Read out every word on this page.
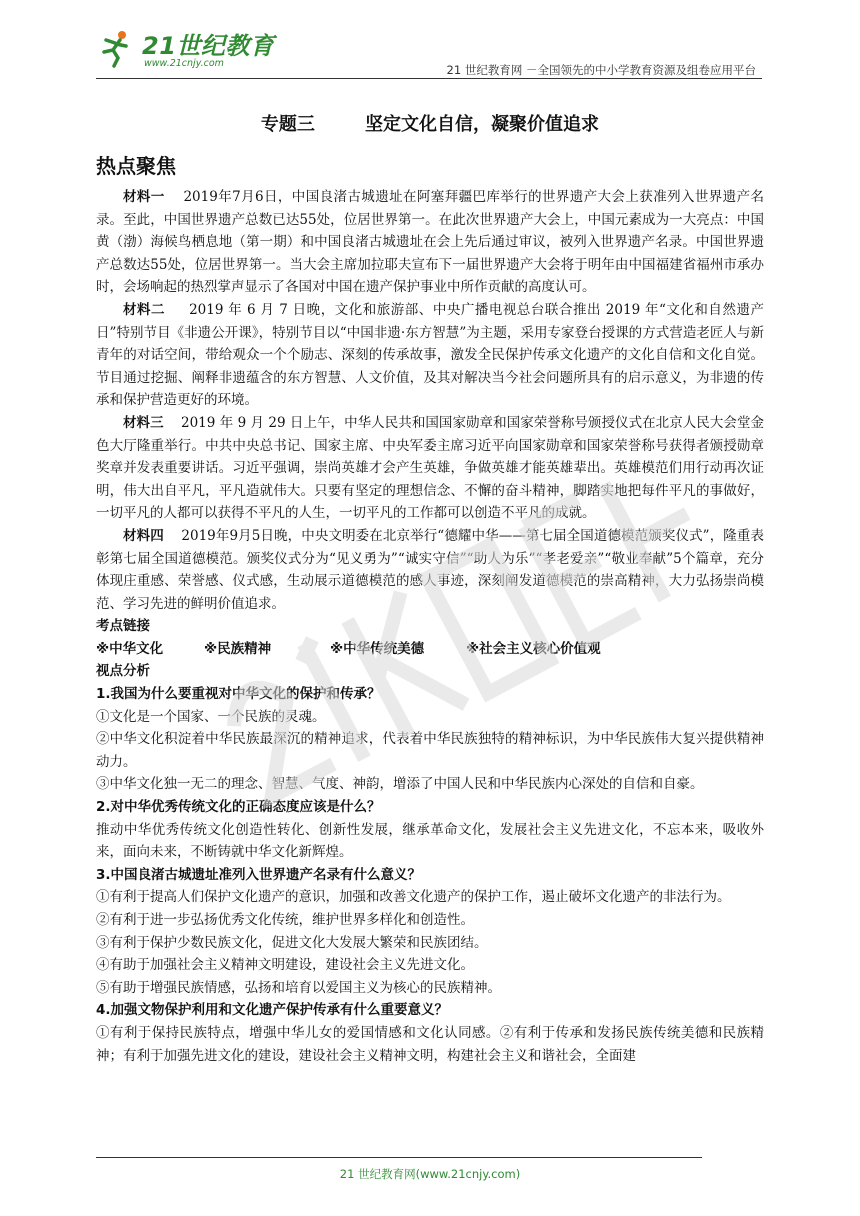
21世纪教育
www.21cnjy.com	21 世纪教育网 －全国领先的中小学教育资源及组卷应用平台
专题三        坚定文化自信，凝聚价值追求
热点聚焦

材料一 2019年7月6日，中国良渚古城遗址在阿塞拜疆巴库举行的世界遗产大会上获准列入世界遗产名录。至此，中国世界遗产总数已达55处，位居世界第一。在此次世界遗产大会上，中国元素成为一大亮点：中国黄（渤）海候鸟栖息地（第一期）和中国良渚古城遗址在会上先后通过审议，被列入世界遗产名录。中国世界遗产总数达55处，位居世界第一。当大会主席加拉耶夫宣布下一届世界遗产大会将于明年由中国福建省福州市承办时，会场响起的热烈掌声显示了各国对中国在遗产保护事业中所作贡献的高度认可。

材料二 2019 年 6 月 7 日晚，文化和旅游部、中央广播电视总台联合推出 2019 年“文化和自然遗产日”特别节目《非遗公开课》，特别节目以“中国非遗·东方智慧”为主题，采用专家登台授课的方式营造老匠人与新青年的对话空间，带给观众一个个励志、深刻的传承故事，激发全民保护传承文化遗产的文化自信和文化自觉。节目通过挖掘、阐释非遗蕴含的东方智慧、人文价值，及其对解决当今社会问题所具有的启示意义，为非遗的传承和保护营造更好的环境。

材料三 2019 年 9 月 29 日上午，中华人民共和国国家勋章和国家荣誉称号颁授仪式在北京人民大会堂金色大厅隆重举行。中共中央总书记、国家主席、中央军委主席习近平向国家勋章和国家荣誉称号获得者颁授勋章奖章并发表重要讲话。习近平强调，崇尚英雄才会产生英雄，争做英雄才能英雄辈出。英雄模范们用行动再次证明，伟大出自平凡，平凡造就伟大。只要有坚定的理想信念、不懈的奋斗精神，脚踏实地把每件平凡的事做好，一切平凡的人都可以获得不平凡的人生，一切平凡的工作都可以创造不平凡的成就。

材料四 2019年9月5日晚，中央文明委在北京举行“德耀中华——第七届全国道德模范颁奖仪式”，隆重表彰第七届全国道德模范。颁奖仪式分为“见义勇为”“诚实守信”“助人为乐”“孝老爱亲”“敬业奉献”5个篇章，充分体现庄重感、荣誉感、仪式感，生动展示道德模范的感人事迹，深刻阐发道德模范的崇高精神，大力弘扬崇尚模范、学习先进的鲜明价值追求。

考点链接

※中华文化	※民族精神	※中华传统美德	※社会主义核心价值观

视点分析

1.我国为什么要重视对中华文化的保护和传承？

①文化是一个国家、一个民族的灵魂。

②中华文化积淀着中华民族最深沉的精神追求，代表着中华民族独特的精神标识，为中华民族伟大复兴提供精神动力。

③中华文化独一无二的理念、智慧、气度、神韵，增添了中国人民和中华民族内心深处的自信和自豪。

2.对中华优秀传统文化的正确态度应该是什么？

推动中华优秀传统文化创造性转化、创新性发展，继承革命文化，发展社会主义先进文化，不忘本来，吸收外来，面向未来，不断铸就中华文化新辉煌。

3.中国良渚古城遗址准列入世界遗产名录有什么意义？

①有利于提高人们保护文化遗产的意识，加强和改善文化遗产的保护工作，遏止破坏文化遗产的非法行为。

②有利于进一步弘扬优秀文化传统，维护世界多样化和创造性。

③有利于保护少数民族文化，促进文化大发展大繁荣和民族团结。

④有助于加强社会主义精神文明建设，建设社会主义先进文化。

⑤有助于增强民族情感，弘扬和培育以爱国主义为核心的民族精神。

4.加强文物保护利用和文化遗产保护传承有什么重要意义？

①有利于保持民族特点，增强中华儿女的爱国情感和文化认同感。②有利于传承和发扬民族传统美德和民族精神；有利于加强先进文化的建设，建设社会主义精神文明，构建社会主义和谐社会，全面建

21 世纪教育网(www.21cnjy.com)
